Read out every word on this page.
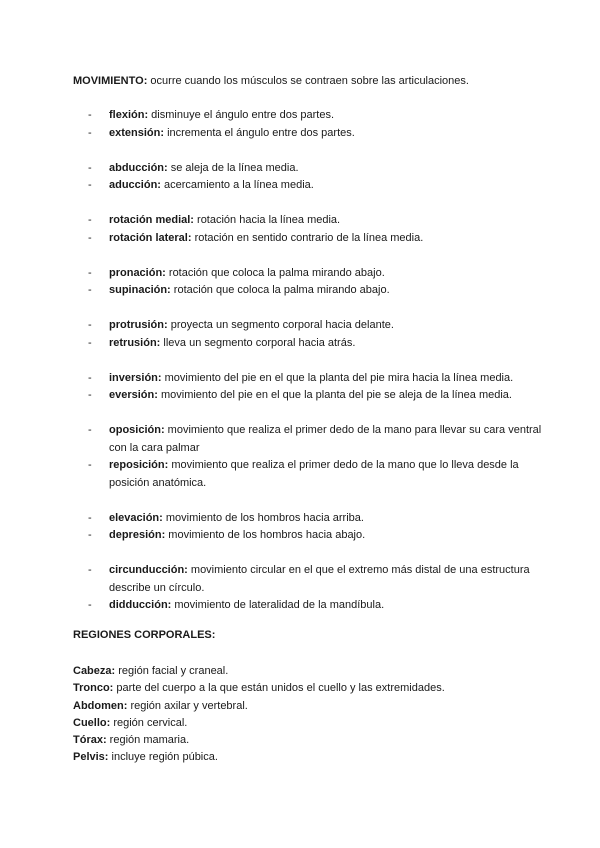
MOVIMIENTO: ocurre cuando los músculos se contraen sobre las articulaciones.
- flexión: disminuye el ángulo entre dos partes.
- extensión: incrementa el ángulo entre dos partes.
- abducción: se aleja de la línea media.
- aducción: acercamiento a la línea media.
- rotación medial: rotación hacia la línea media.
- rotación lateral: rotación en sentido contrario de la línea media.
- pronación: rotación que coloca la palma mirando abajo.
- supinación: rotación que coloca la palma mirando abajo.
- protrusión: proyecta un segmento corporal hacia delante.
- retrusión: lleva un segmento corporal hacia atrás.
- inversión: movimiento del pie en el que la planta del pie mira hacia la línea media.
- eversión: movimiento del pie en el que la planta del pie se aleja de la línea media.
- oposición: movimiento que realiza el primer dedo de la mano para llevar su cara ventral con la cara palmar
- reposición: movimiento que realiza el primer dedo de la mano que lo lleva desde la posición anatómica.
- elevación: movimiento de los hombros hacia arriba.
- depresión: movimiento de los hombros hacia abajo.
- circunducción: movimiento circular en el que el extremo más distal de una estructura describe un círculo.
- didducción: movimiento de lateralidad de la mandíbula.
REGIONES CORPORALES:
Cabeza: región facial y craneal.
Tronco: parte del cuerpo a la que están unidos el cuello y las extremidades.
Abdomen: región axilar y vertebral.
Cuello: región cervical.
Tórax: región mamaria.
Pelvis: incluye región púbica.
